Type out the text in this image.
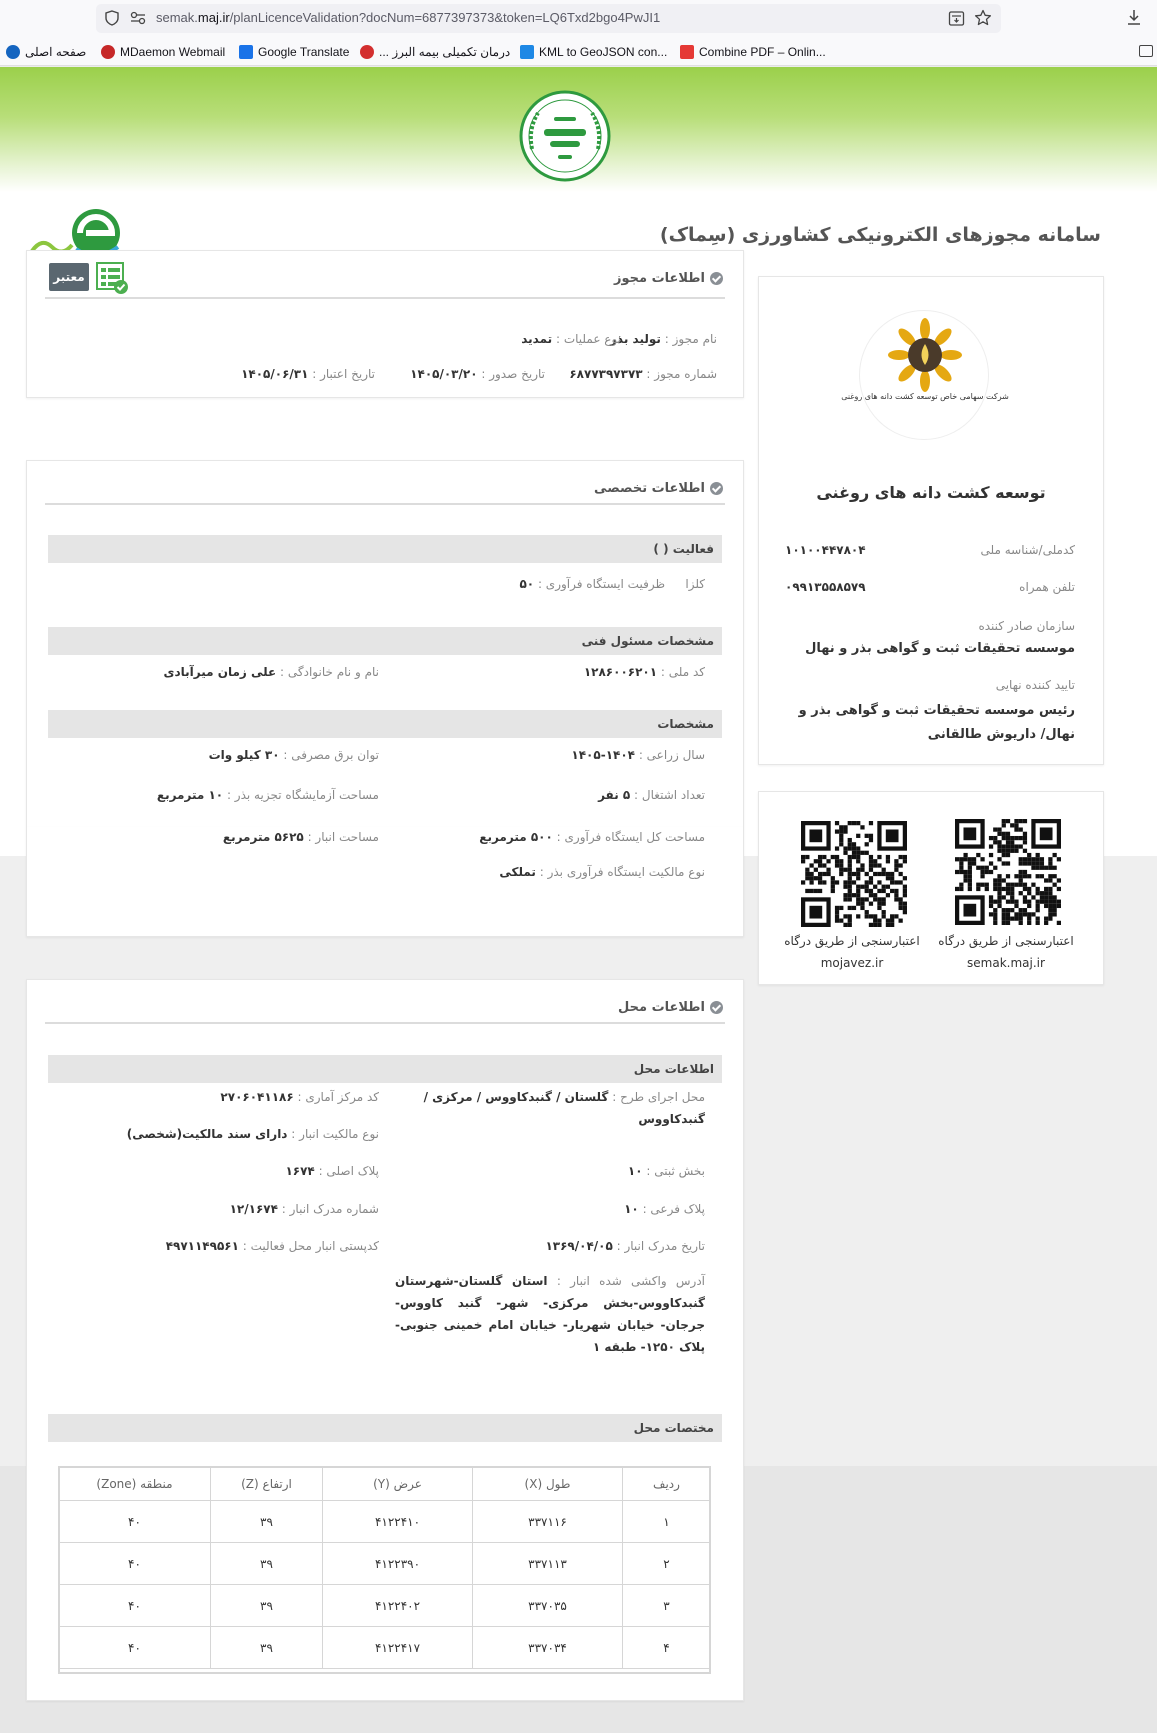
semak.maj.ir/planLicenceValidation?docNum=6877397373&token=LQ6Txd2bgo4PwJI1
صفحه اصلی	MDaemon Webmail	Google Translate ... درمان تکمیلی بیمه البرز KML to GeoJSON con...	Combine PDF – Onlin...
سامانه مجوزهای الکترونیکی کشاورزی (سِماک)
اطلاعات مجوز
معتبر
نام مجوز : تولید بذر
نوع عملیات : تمدید
شماره مجوز : ۶۸۷۷۳۹۷۳۷۳
تاریخ صدور : ۱۴۰۵/۰۳/۲۰
تاریخ اعتبار : ۱۴۰۵/۰۶/۳۱
اطلاعات تخصصی
فعالیت ( )
کلزا
ظرفیت ایستگاه فرآوری : ۵۰
مشخصات مسئول فنی
کد ملی : ۱۲۸۶۰۰۶۲۰۱
نام و نام خانوادگی : علی زمان میرآبادی
مشخصات
سال زراعی : ۱۴۰۴-۱۴۰۵
توان برق مصرفی : ۳۰ کیلو وات
تعداد اشتغال : ۵ نفر
مساحت آزمایشگاه تجزیه بذر : ۱۰ مترمربع
مساحت کل ایستگاه فرآوری : ۵۰۰ مترمربع
مساحت انبار : ۵۶۲۵ مترمربع
نوع مالکیت ایستگاه فرآوری بذر : تملکی
اطلاعات محل
اطلاعات محل
محل اجرای طرح : گلستان / گنبدکاووس / مرکزی / گنبدکاووس
کد مرکز آماری : ۲۷۰۶۰۴۱۱۸۶
نوع مالکیت انبار : دارای سند مالکیت(شخصی)
بخش ثبتی : ۱۰
پلاک اصلی : ۱۶۷۴
پلاک فرعی : ۱۰
شماره مدرک انبار : ۱۲/۱۶۷۴
تاریخ مدرک انبار : ۱۳۶۹/۰۴/۰۵
کدپستی انبار محل فعالیت : ۴۹۷۱۱۴۹۵۶۱
آدرس واکشی شده انبار : استان گلستان-شهرستان گنبدکاووس-بخش مرکزی- شهر- گنبد کاووس-جرجان- خیابان شهریار- خیابان امام خمینی جنوبی-پلاک ۱۲۵۰- طبقه ۱
مختصات محل
ردیف	طول (X)	عرض (Y)	ارتفاع (Z)	منطقه (Zone)
۱	۳۳۷۱۱۶	۴۱۲۲۴۱۰	۳۹	۴۰
۲	۳۳۷۱۱۳	۴۱۲۲۳۹۰	۳۹	۴۰
۳	۳۳۷۰۳۵	۴۱۲۲۴۰۲	۳۹	۴۰
۴	۳۳۷۰۳۴	۴۱۲۲۴۱۷	۳۹	۴۰
شرکت سهامی خاص توسعه کشت دانه های روغنی
توسعه کشت دانه های روغنی
کدملی/شناسه ملی
۱۰۱۰۰۴۴۷۸۰۴
تلفن همراه
۰۹۹۱۳۵۵۸۵۷۹
سازمان صادر کننده
موسسه تحقیقات ثبت و گواهی بذر و نهال
تایید کننده نهایی
رئیس موسسه تحقیقات ثبت و گواهی بذر و نهال/ داریوش طالقانی
اعتبارسنجی از طریق درگاه
semak.maj.ir
اعتبارسنجی از طریق درگاه
mojavez.ir
